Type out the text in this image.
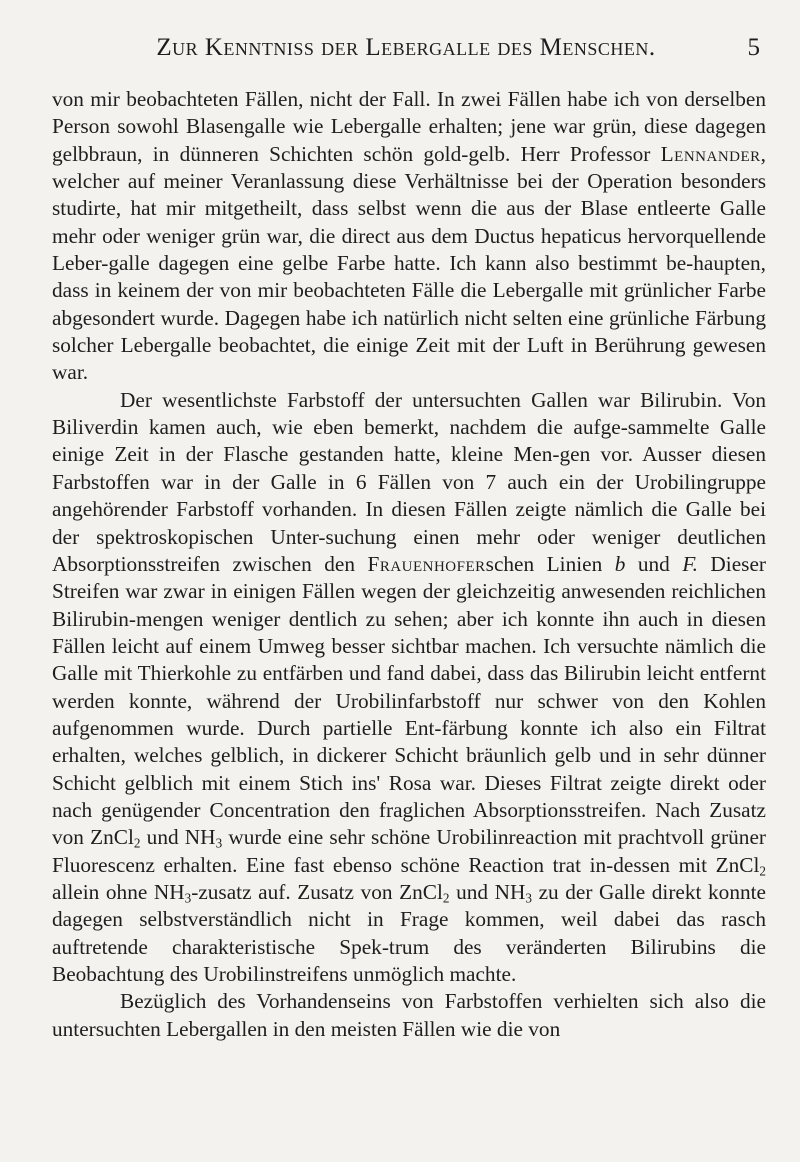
Zur Kenntniss der Lebergalle des Menschen.	5

von mir beobachteten Fällen, nicht der Fall. In zwei Fällen habe ich von derselben Person sowohl Blasengalle wie Lebergalle erhalten; jene war grün, diese dagegen gelbbraun, in dünneren Schichten schön gold-gelb. Herr Professor Lennander, welcher auf meiner Veranlassung diese Verhältnisse bei der Operation besonders studirte, hat mir mitgetheilt, dass selbst wenn die aus der Blase entleerte Galle mehr oder weniger grün war, die direct aus dem Ductus hepaticus hervorquellende Leber-galle dagegen eine gelbe Farbe hatte. Ich kann also bestimmt be-haupten, dass in keinem der von mir beobachteten Fälle die Lebergalle mit grünlicher Farbe abgesondert wurde. Dagegen habe ich natürlich nicht selten eine grünliche Färbung solcher Lebergalle beobachtet, die einige Zeit mit der Luft in Berührung gewesen war.

Der wesentlichste Farbstoff der untersuchten Gallen war Bilirubin. Von Biliverdin kamen auch, wie eben bemerkt, nachdem die aufge-sammelte Galle einige Zeit in der Flasche gestanden hatte, kleine Men-gen vor. Ausser diesen Farbstoffen war in der Galle in 6 Fällen von 7 auch ein der Urobilingruppe angehörender Farbstoff vorhanden. In diesen Fällen zeigte nämlich die Galle bei der spektroskopischen Unter-suchung einen mehr oder weniger deutlichen Absorptionsstreifen zwischen den Frauenhoferschen Linien b und F. Dieser Streifen war zwar in einigen Fällen wegen der gleichzeitig anwesenden reichlichen Bilirubin-mengen weniger dentlich zu sehen; aber ich konnte ihn auch in diesen Fällen leicht auf einem Umweg besser sichtbar machen. Ich versuchte nämlich die Galle mit Thierkohle zu entfärben und fand dabei, dass das Bilirubin leicht entfernt werden konnte, während der Urobilinfarbstoff nur schwer von den Kohlen aufgenommen wurde. Durch partielle Ent-färbung konnte ich also ein Filtrat erhalten, welches gelblich, in dickerer Schicht bräunlich gelb und in sehr dünner Schicht gelblich mit einem Stich ins' Rosa war. Dieses Filtrat zeigte direkt oder nach genügender Concentration den fraglichen Absorptionsstreifen. Nach Zusatz von ZnCl$_2$ und $NH_3$ wurde eine sehr schöne Urobilinreaction mit prachtvoll grüner Fluorescenz erhalten. Eine fast ebenso schöne Reaction trat in-dessen mit ZnCl$_2$ allein ohne $NH_3$-zusatz auf. Zusatz von ZnCl$_2$ und $NH_3$ zu der Galle direkt konnte dagegen selbstverständlich nicht in Frage kommen, weil dabei das rasch auftretende charakteristische Spek-trum des veränderten Bilirubins die Beobachtung des Urobilinstreifens unmöglich machte.

Bezüglich des Vorhandenseins von Farbstoffen verhielten sich also die untersuchten Lebergallen in den meisten Fällen wie die von
